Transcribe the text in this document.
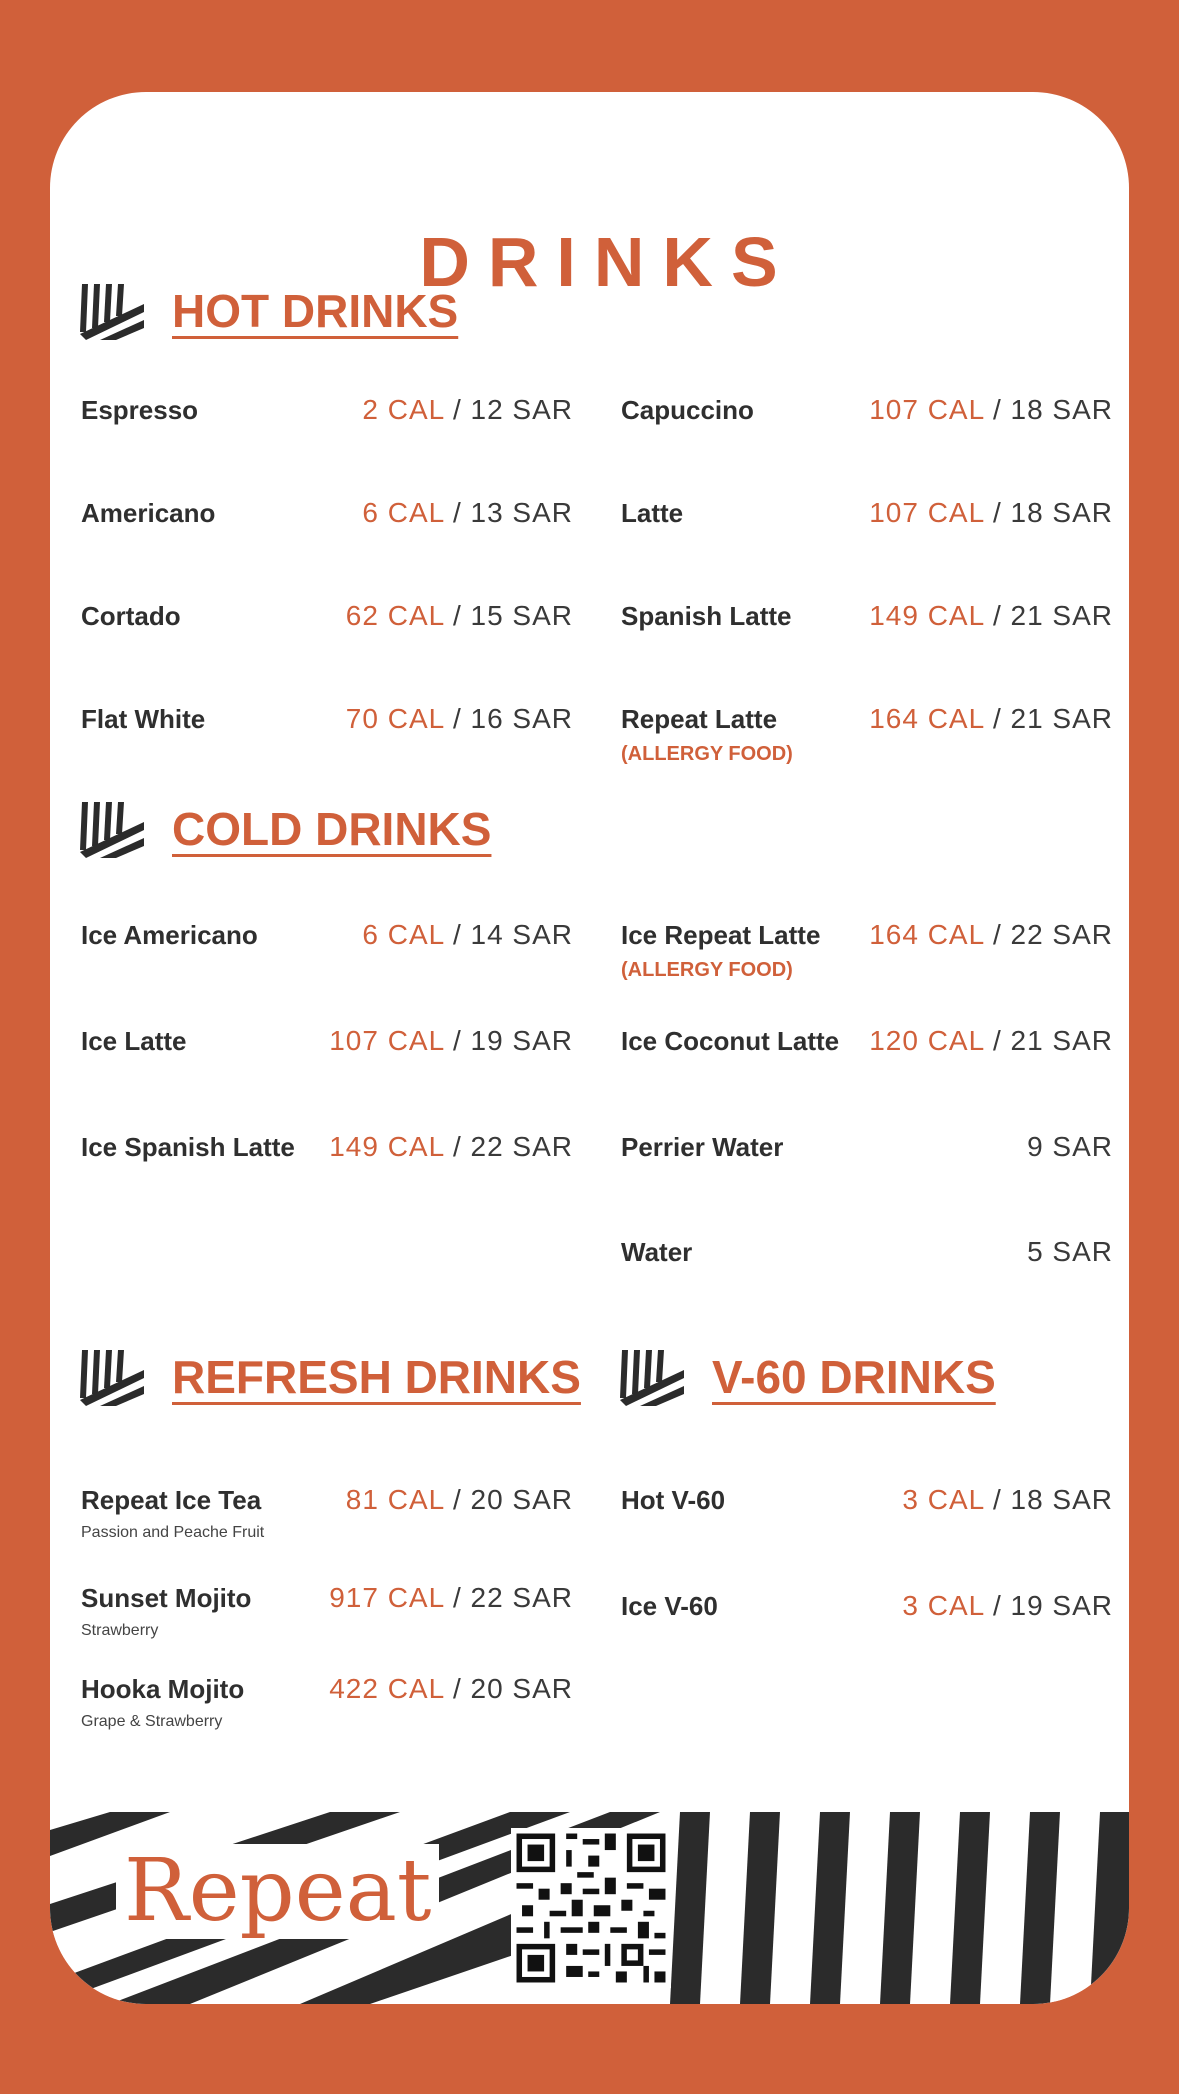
DRINKS
HOT DRINKS
Espresso	2 CAL / 12 SAR Capuccino	107 CAL / 18 SAR
Americano	6 CAL / 13 SAR Latte	107 CAL / 18 SAR
Cortado	62 CAL / 15 SAR Spanish Latte	149 CAL / 21 SAR
Flat White	70 CAL / 16 SAR Repeat Latte	164 CAL / 21 SAR
(ALLERGY FOOD)
COLD DRINKS
Ice Americano	6 CAL / 14 SAR Ice Repeat Latte 164 CAL / 22 SAR
(ALLERGY FOOD)
Ice Latte	107 CAL / 19 SAR Ice Coconut Latte 120 CAL / 21 SAR
Ice Spanish Latte 149 CAL / 22 SAR Perrier Water	9 SAR
Water	5 SAR
REFRESH DRINKS	V-60 DRINKS
Repeat Ice Tea	81 CAL / 20 SAR
Passion and Peache Fruit
Sunset Mojito	917 CAL / 22 SAR
Strawberry
Hooka Mojito	422 CAL / 20 SAR
Grape & Strawberry
Hot V-60	3 CAL / 18 SAR
Ice V-60	3 CAL / 19 SAR
Repeat
